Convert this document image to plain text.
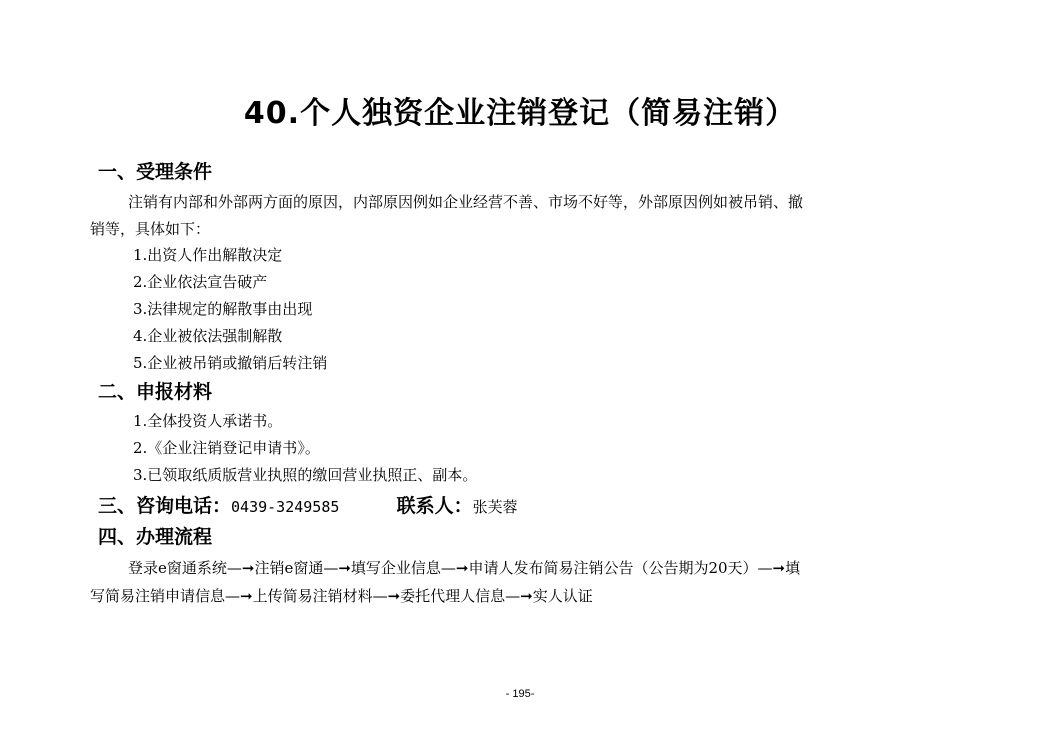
40.个人独资企业注销登记（简易注销）
一、受理条件
注销有内部和外部两方面的原因，内部原因例如企业经营不善、市场不好等，外部原因例如被吊销、撤
销等，具体如下：
1.出资人作出解散决定
2.企业依法宣告破产
3.法律规定的解散事由出现
4.企业被依法强制解散
5.企业被吊销或撤销后转注销
二、申报材料
1.全体投资人承诺书。
2.《企业注销登记申请书》。
3.已领取纸质版营业执照的缴回营业执照正、副本。
三、咨询电话：0439-3249585	联系人：张芙蓉
四、办理流程
登录e窗通系统—➞注销e窗通—➞填写企业信息—➞申请人发布简易注销公告（公告期为20天）—➞填
写简易注销申请信息—➞上传简易注销材料—➞委托代理人信息—➞实人认证
- 195-
